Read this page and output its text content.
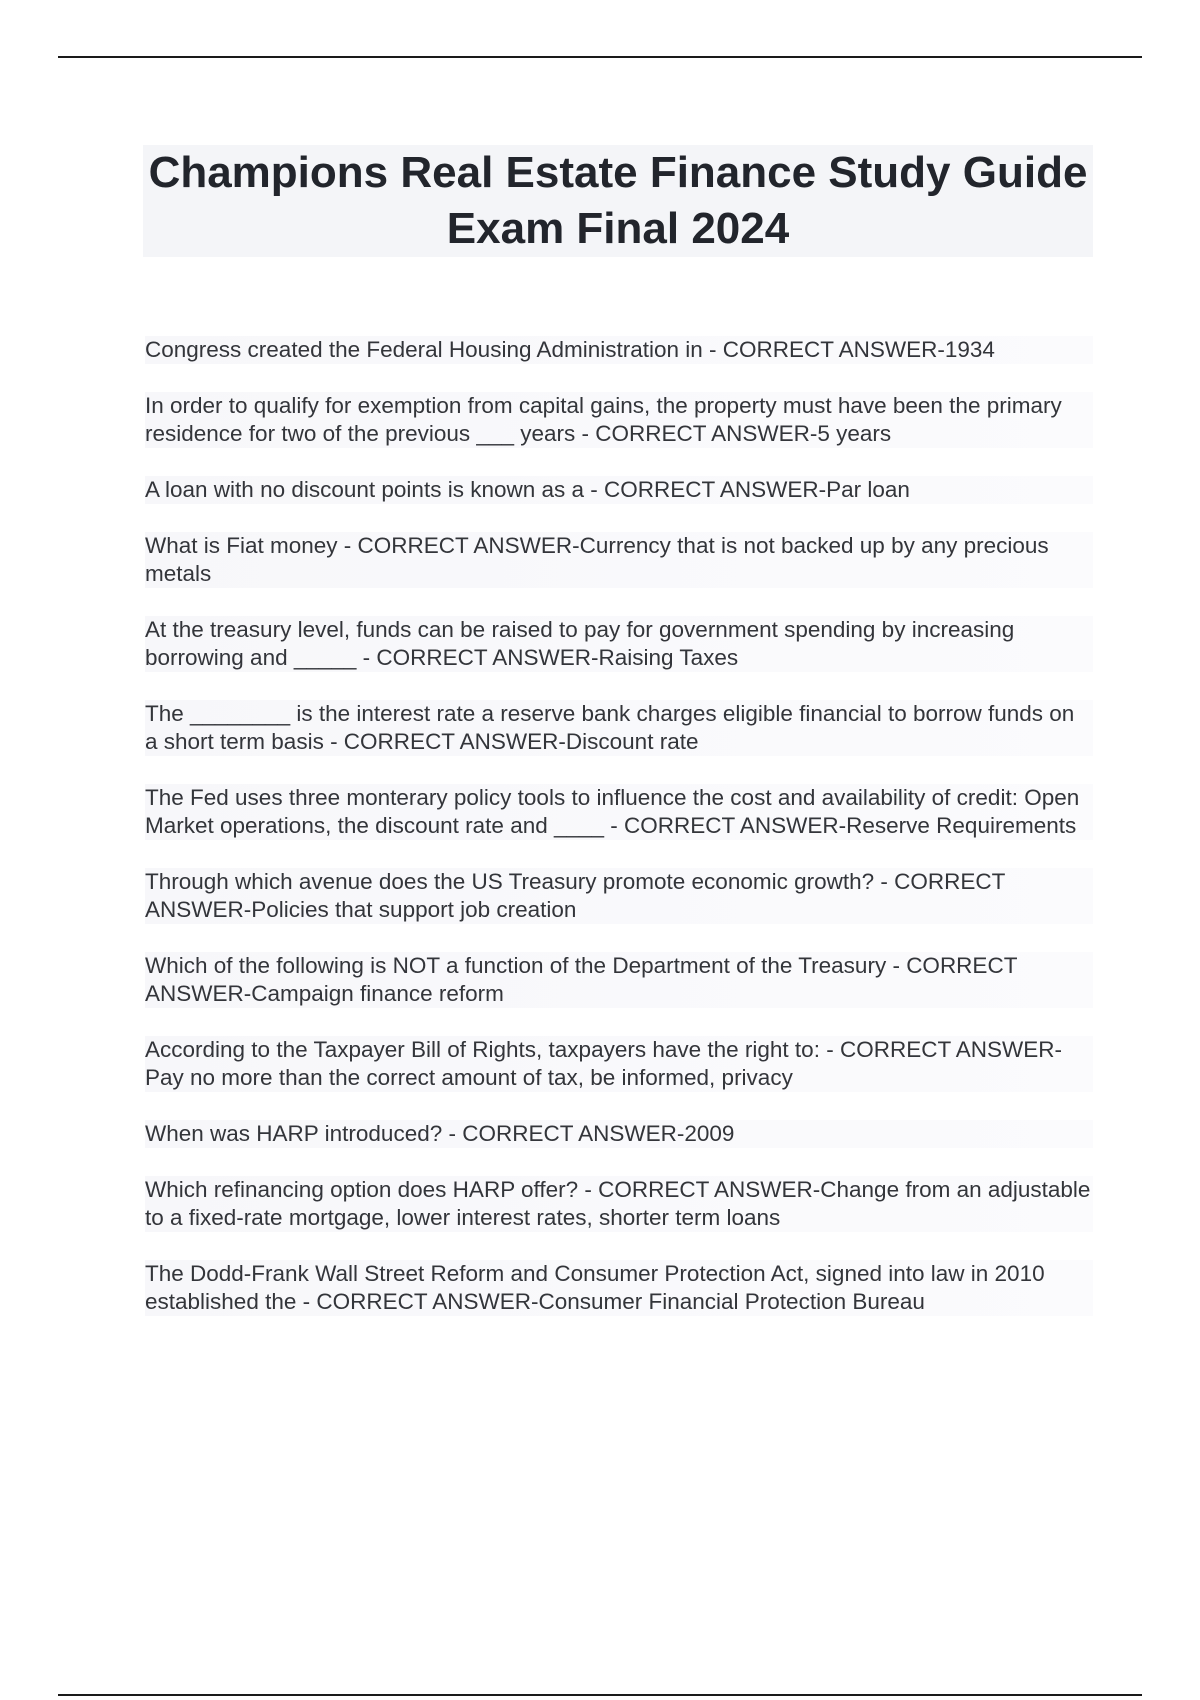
Champions Real Estate Finance Study Guide Exam Final 2024
Congress created the Federal Housing Administration in - CORRECT ANSWER-1934
In order to qualify for exemption from capital gains, the property must have been the primary residence for two of the previous ___ years - CORRECT ANSWER-5 years
A loan with no discount points is known as a - CORRECT ANSWER-Par loan
What is Fiat money - CORRECT ANSWER-Currency that is not backed up by any precious metals
At the treasury level, funds can be raised to pay for government spending by increasing borrowing and _____ - CORRECT ANSWER-Raising Taxes
The ________ is the interest rate a reserve bank charges eligible financial to borrow funds on a short term basis - CORRECT ANSWER-Discount rate
The Fed uses three monterary policy tools to influence the cost and availability of credit: Open Market operations, the discount rate and ____ - CORRECT ANSWER-Reserve Requirements
Through which avenue does the US Treasury promote economic growth? - CORRECT ANSWER-Policies that support job creation
Which of the following is NOT a function of the Department of the Treasury - CORRECT ANSWER-Campaign finance reform
According to the Taxpayer Bill of Rights, taxpayers have the right to: - CORRECT ANSWER-Pay no more than the correct amount of tax, be informed, privacy
When was HARP introduced? - CORRECT ANSWER-2009
Which refinancing option does HARP offer? - CORRECT ANSWER-Change from an adjustable to a fixed-rate mortgage, lower interest rates, shorter term loans
The Dodd-Frank Wall Street Reform and Consumer Protection Act, signed into law in 2010 established the - CORRECT ANSWER-Consumer Financial Protection Bureau
